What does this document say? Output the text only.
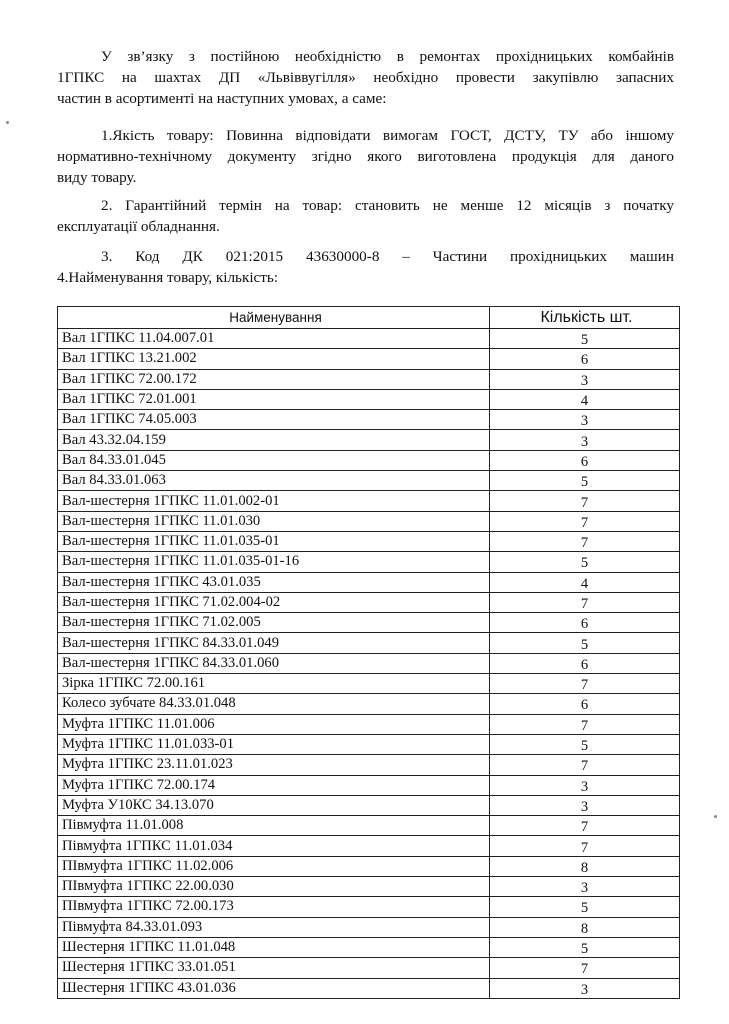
У зв’язку з постійною необхідністю в ремонтах прохідницьких комбайнів
1ГПКС на шахтах ДП «Львіввугілля» необхідно провести закупівлю запасних
частин в асортименті на наступних умовах, а саме:

1.Якість товару: Повинна відповідати вимогам ГОСТ, ДСТУ, ТУ або іншому
нормативно-технічному документу згідно якого виготовлена продукція для даного
виду товару.

2. Гарантійний термін на товар: становить не менше 12 місяців з початку
експлуатації обладнання.

3. Код ДК 021:2015 43630000-8 – Частини прохідницьких машин
4.Найменування товару, кількість:

Найменування	Кількість шт.
Вал 1ГПКС 11.04.007.01	5
Вал 1ГПКС 13.21.002	6
Вал 1ГПКС 72.00.172	3
Вал 1ГПКС 72.01.001	4
Вал 1ГПКС 74.05.003	3
Вал 43.32.04.159	3
Вал 84.33.01.045	6
Вал 84.33.01.063	5
Вал-шестерня 1ГПКС 11.01.002-01	7
Вал-шестерня 1ГПКС 11.01.030	7
Вал-шестерня 1ГПКС 11.01.035-01	7
Вал-шестерня 1ГПКС 11.01.035-01-16	5
Вал-шестерня 1ГПКС 43.01.035	4
Вал-шестерня 1ГПКС 71.02.004-02	7
Вал-шестерня 1ГПКС 71.02.005	6
Вал-шестерня 1ГПКС 84.33.01.049	5
Вал-шестерня 1ГПКС 84.33.01.060	6
Зірка 1ГПКС 72.00.161	7
Колесо зубчате 84.33.01.048	6
Муфта 1ГПКС 11.01.006	7
Муфта 1ГПКС 11.01.033-01	5
Муфта 1ГПКС 23.11.01.023	7
Муфта 1ГПКС 72.00.174	3
Муфта У10КС 34.13.070	3
Півмуфта 11.01.008	7
Півмуфта 1ГПКС 11.01.034	7
ПІвмуфта 1ГПКС 11.02.006	8
ПІвмуфта 1ГПКС 22.00.030	3
ПІвмуфта 1ГПКС 72.00.173	5
Півмуфта 84.33.01.093	8
Шестерня 1ГПКС 11.01.048	5
Шестерня 1ГПКС 33.01.051	7
Шестерня 1ГПКС 43.01.036	3
